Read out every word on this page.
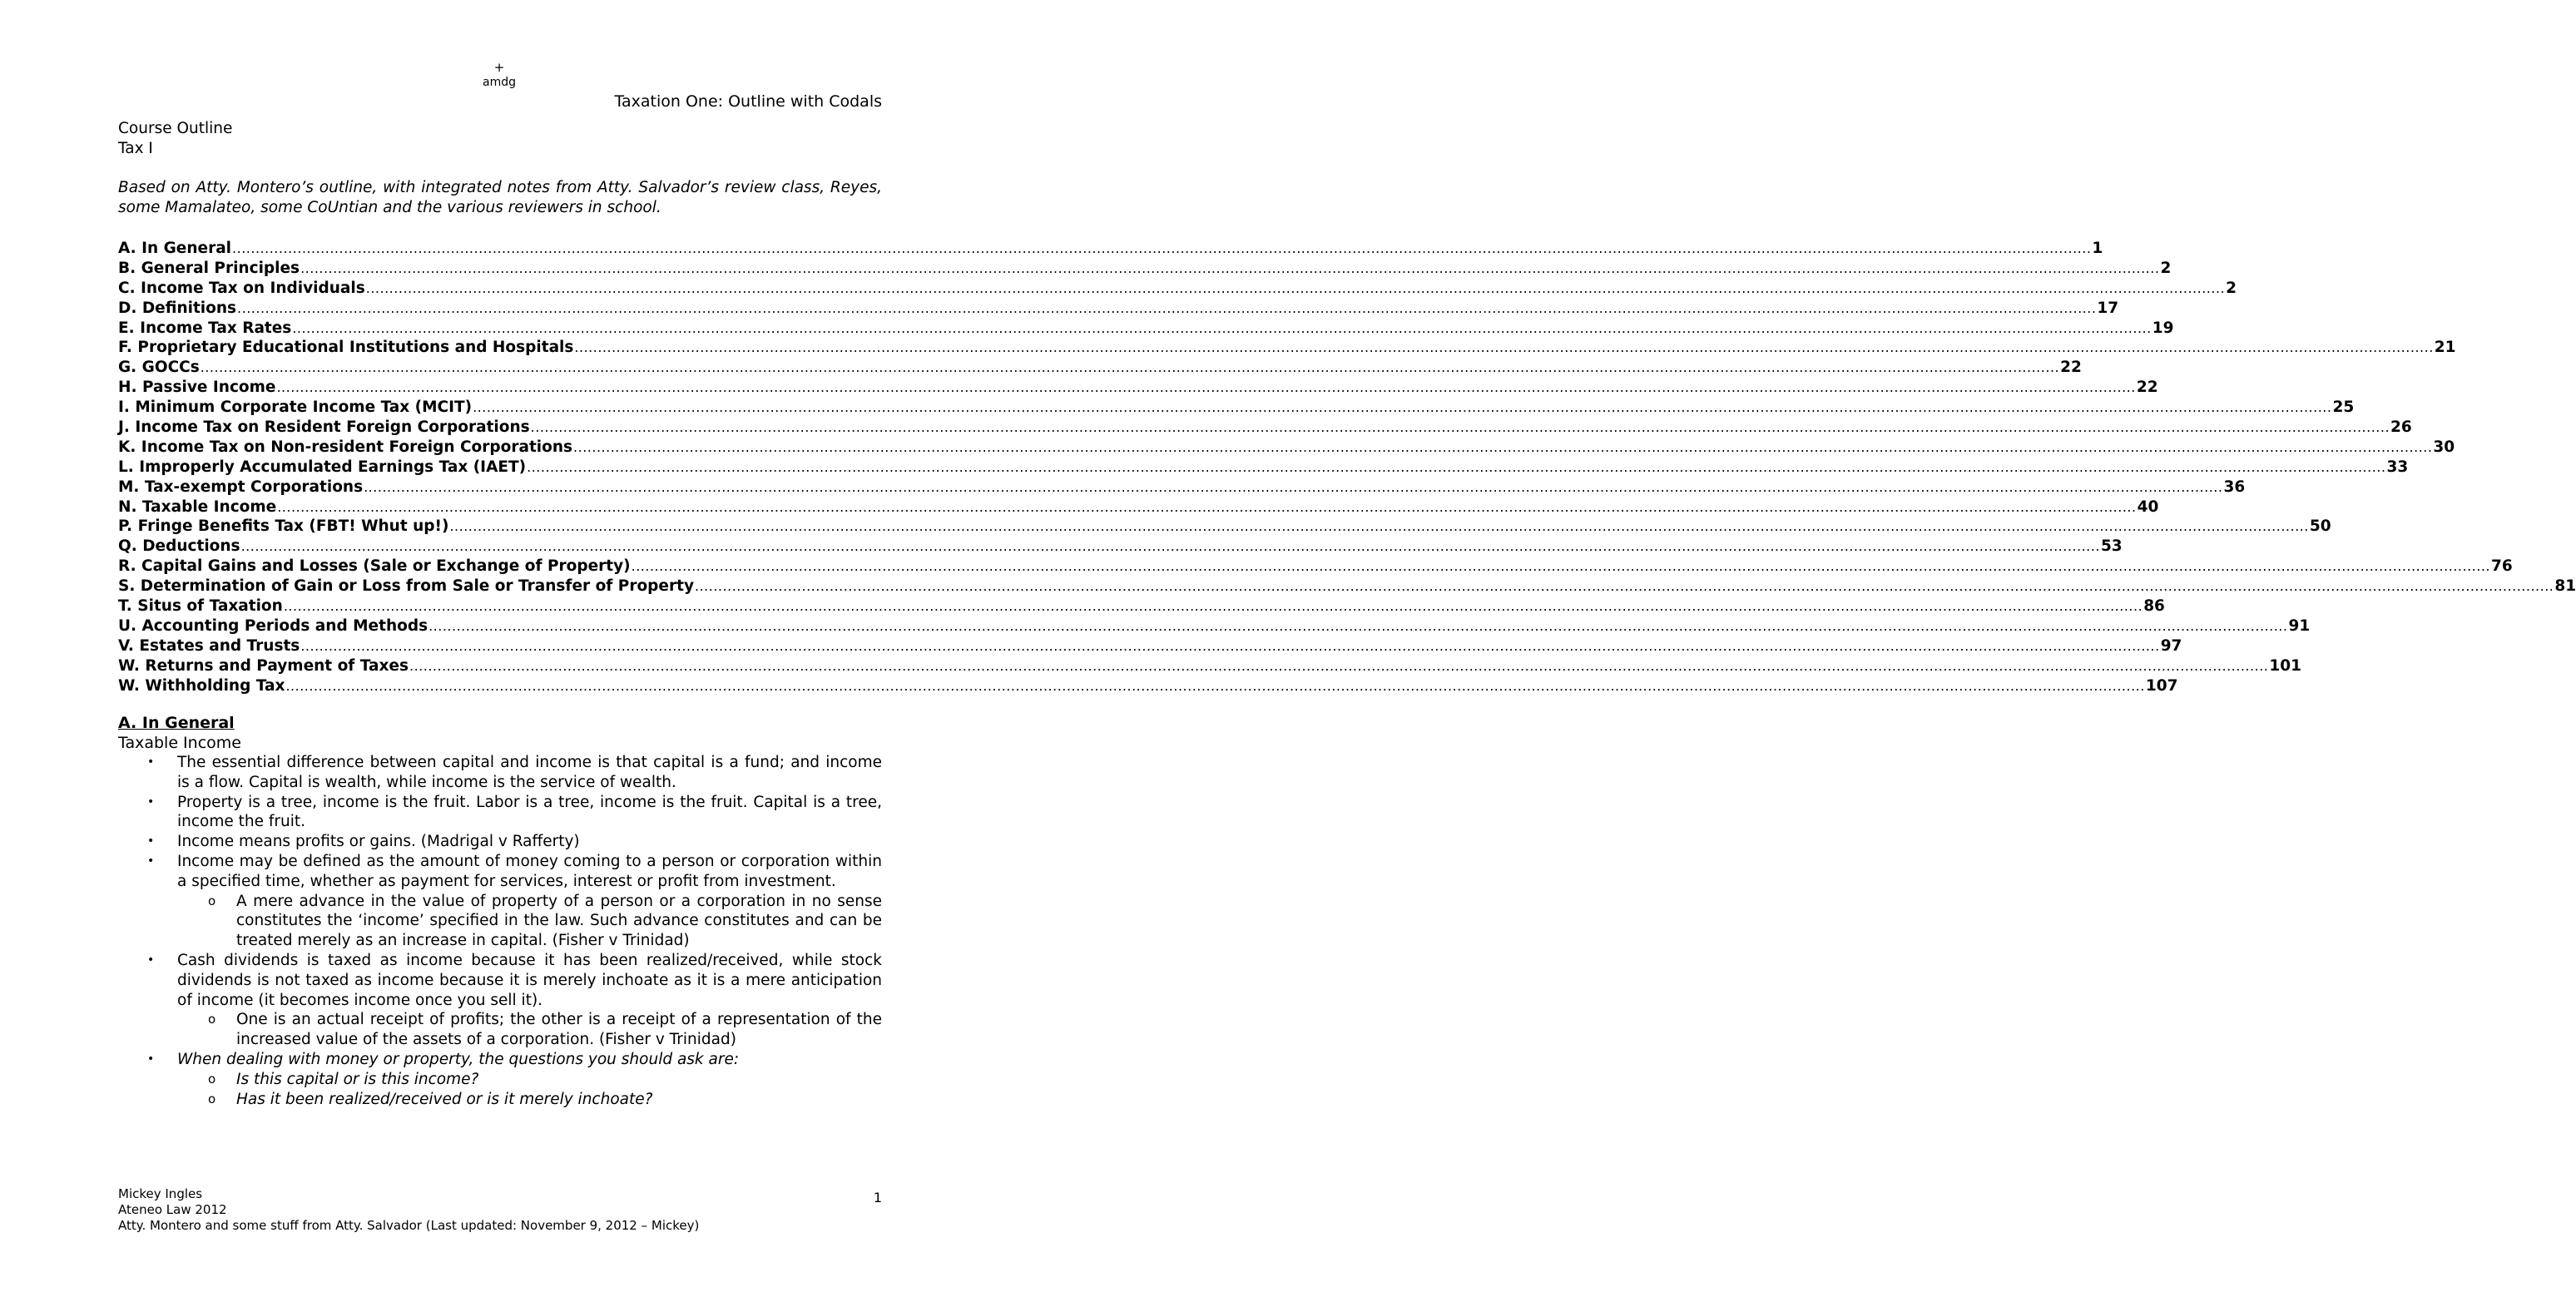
+
amdg
Taxation One: Outline with Codals
Course Outline
Tax I
Based on Atty. Montero’s outline, with integrated notes from Atty. Salvador’s review class, Reyes, some Mamalateo, some CoUntian and the various reviewers in school.
A. In General ................................................................................................................................................................................................................................................................................................................................................................................................................ 1
B. General Principles ................................................................................................................................................................................................................................................................................................................................................................................................................ 2
C. Income Tax on Individuals ................................................................................................................................................................................................................................................................................................................................................................................................................ 2
D. Definitions ................................................................................................................................................................................................................................................................................................................................................................................................................ 17
E. Income Tax Rates ................................................................................................................................................................................................................................................................................................................................................................................................................ 19
F. Proprietary Educational Institutions and Hospitals ................................................................................................................................................................................................................................................................................................................................................................................................................ 21
G. GOCCs ................................................................................................................................................................................................................................................................................................................................................................................................................ 22
H. Passive Income ................................................................................................................................................................................................................................................................................................................................................................................................................ 22
I. Minimum Corporate Income Tax (MCIT) ................................................................................................................................................................................................................................................................................................................................................................................................................ 25
J. Income Tax on Resident Foreign Corporations ................................................................................................................................................................................................................................................................................................................................................................................................................ 26
K. Income Tax on Non-resident Foreign Corporations ................................................................................................................................................................................................................................................................................................................................................................................................................ 30
L. Improperly Accumulated Earnings Tax (IAET) ................................................................................................................................................................................................................................................................................................................................................................................................................ 33
M. Tax-exempt Corporations ................................................................................................................................................................................................................................................................................................................................................................................................................ 36
N. Taxable Income ................................................................................................................................................................................................................................................................................................................................................................................................................ 40
P. Fringe Benefits Tax (FBT! Whut up!) ................................................................................................................................................................................................................................................................................................................................................................................................................ 50
Q. Deductions ................................................................................................................................................................................................................................................................................................................................................................................................................ 53
R. Capital Gains and Losses (Sale or Exchange of Property) ................................................................................................................................................................................................................................................................................................................................................................................................................ 76
S. Determination of Gain or Loss from Sale or Transfer of Property ................................................................................................................................................................................................................................................................................................................................................................................................................ 81
T. Situs of Taxation ................................................................................................................................................................................................................................................................................................................................................................................................................ 86
U. Accounting Periods and Methods ................................................................................................................................................................................................................................................................................................................................................................................................................ 91
V. Estates and Trusts ................................................................................................................................................................................................................................................................................................................................................................................................................ 97
W. Returns and Payment of Taxes ................................................................................................................................................................................................................................................................................................................................................................................................................ 101
W. Withholding Tax ................................................................................................................................................................................................................................................................................................................................................................................................................ 107
A. In General
Taxable Income
•	The essential difference between capital and income is that capital is a fund; and income is a flow. Capital is wealth, while income is the service of wealth.
•	Property is a tree, income is the fruit. Labor is a tree, income is the fruit. Capital is a tree, income the fruit.
•	Income means profits or gains. (Madrigal v Rafferty)
•	Income may be defined as the amount of money coming to a person or corporation within a specified time, whether as payment for services, interest or profit from investment.
o	A mere advance in the value of property of a person or a corporation in no sense constitutes the ‘income’ specified in the law. Such advance constitutes and can be treated merely as an increase in capital. (Fisher v Trinidad)
•	Cash dividends is taxed as income because it has been realized/received, while stock dividends is not taxed as income because it is merely inchoate as it is a mere anticipation of income (it becomes income once you sell it).
o	One is an actual receipt of profits; the other is a receipt of a representation of the increased value of the assets of a corporation. (Fisher v Trinidad)
•	When dealing with money or property, the questions you should ask are:
o	Is this capital or is this income?
o	Has it been realized/received or is it merely inchoate?
Mickey Ingles
Ateneo Law 2012
Atty. Montero and some stuff from Atty. Salvador (Last updated: November 9, 2012 – Mickey)
1
